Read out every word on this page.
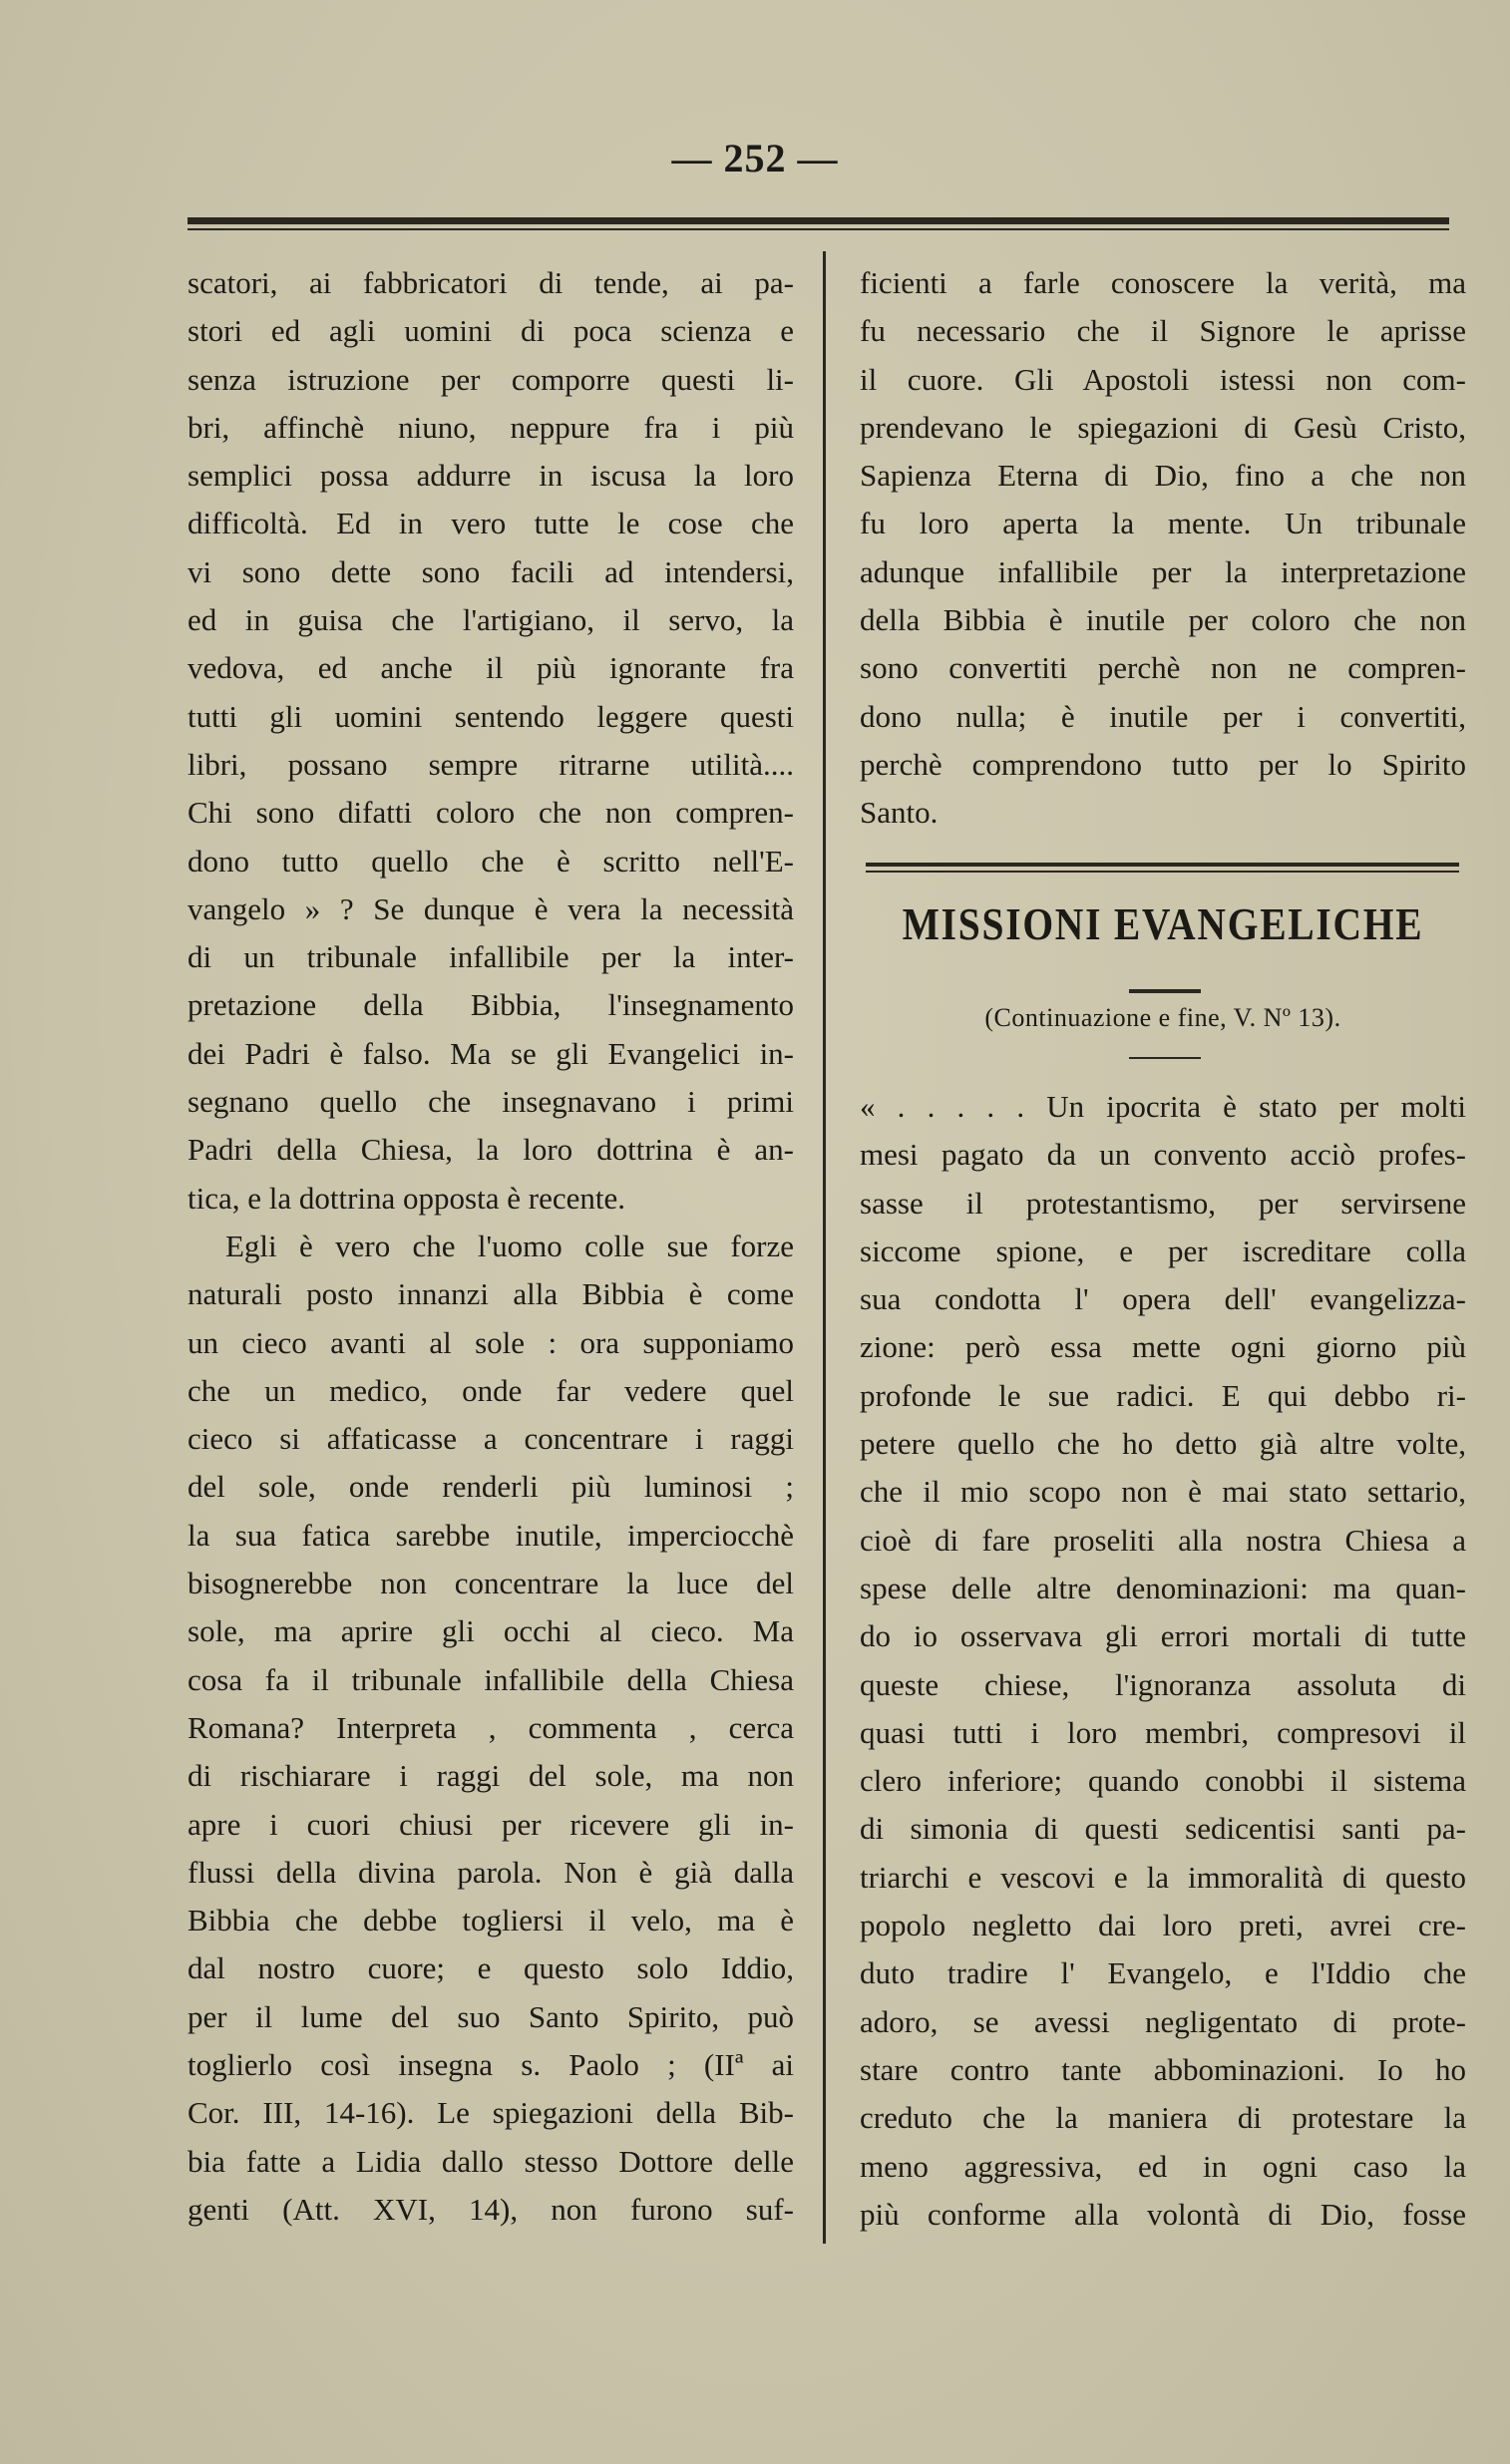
— 252 —
scatori, ai fabbricatori di tende, ai pa-
stori ed agli uomini di poca scienza e
senza istruzione per comporre questi li-
bri, affinchè niuno, neppure fra i più
semplici possa addurre in iscusa la loro
difficoltà. Ed in vero tutte le cose che
vi sono dette sono facili ad intendersi,
ed in guisa che l'artigiano, il servo, la
vedova, ed anche il più ignorante fra
tutti gli uomini sentendo leggere questi
libri, possano sempre ritrarne utilità....
Chi sono difatti coloro che non compren-
dono tutto quello che è scritto nell'E-
vangelo » ? Se dunque è vera la necessità
di un tribunale infallibile per la inter-
pretazione della Bibbia, l'insegnamento
dei Padri è falso. Ma se gli Evangelici in-
segnano quello che insegnavano i primi
Padri della Chiesa, la loro dottrina è an-
tica, e la dottrina opposta è recente.
Egli è vero che l'uomo colle sue forze
naturali posto innanzi alla Bibbia è come
un cieco avanti al sole : ora supponiamo
che un medico, onde far vedere quel
cieco si affaticasse a concentrare i raggi
del sole, onde renderli più luminosi ;
la sua fatica sarebbe inutile, imperciocchè
bisognerebbe non concentrare la luce del
sole, ma aprire gli occhi al cieco. Ma
cosa fa il tribunale infallibile della Chiesa
Romana? Interpreta , commenta , cerca
di rischiarare i raggi del sole, ma non
apre i cuori chiusi per ricevere gli in-
flussi della divina parola. Non è già dalla
Bibbia che debbe togliersi il velo, ma è
dal nostro cuore; e questo solo Iddio,
per il lume del suo Santo Spirito, può
toglierlo così insegna s. Paolo ; (IIª ai
Cor. III, 14-16). Le spiegazioni della Bib-
bia fatte a Lidia dallo stesso Dottore delle
genti (Att. XVI, 14), non furono suf-
ficienti a farle conoscere la verità, ma
fu necessario che il Signore le aprisse
il cuore. Gli Apostoli istessi non com-
prendevano le spiegazioni di Gesù Cristo,
Sapienza Eterna di Dio, fino a che non
fu loro aperta la mente. Un tribunale
adunque infallibile per la interpretazione
della Bibbia è inutile per coloro che non
sono convertiti perchè non ne compren-
dono nulla; è inutile per i convertiti,
perchè comprendono tutto per lo Spirito
Santo.
MISSIONI EVANGELICHE
(Continuazione e fine, V. Nº 13).
« . . . . . Un ipocrita è stato per molti
mesi pagato da un convento acciò profes-
sasse il protestantismo, per servirsene
siccome spione, e per iscreditare colla
sua condotta l' opera dell' evangelizza-
zione: però essa mette ogni giorno più
profonde le sue radici. E qui debbo ri-
petere quello che ho detto già altre volte,
che il mio scopo non è mai stato settario,
cioè di fare proseliti alla nostra Chiesa a
spese delle altre denominazioni: ma quan-
do io osservava gli errori mortali di tutte
queste chiese, l'ignoranza assoluta di
quasi tutti i loro membri, compresovi il
clero inferiore; quando conobbi il sistema
di simonia di questi sedicentisi santi pa-
triarchi e vescovi e la immoralità di questo
popolo negletto dai loro preti, avrei cre-
duto tradire l' Evangelo, e l'Iddio che
adoro, se avessi negligentato di prote-
stare contro tante abbominazioni. Io ho
creduto che la maniera di protestare la
meno aggressiva, ed in ogni caso la
più conforme alla volontà di Dio, fosse
